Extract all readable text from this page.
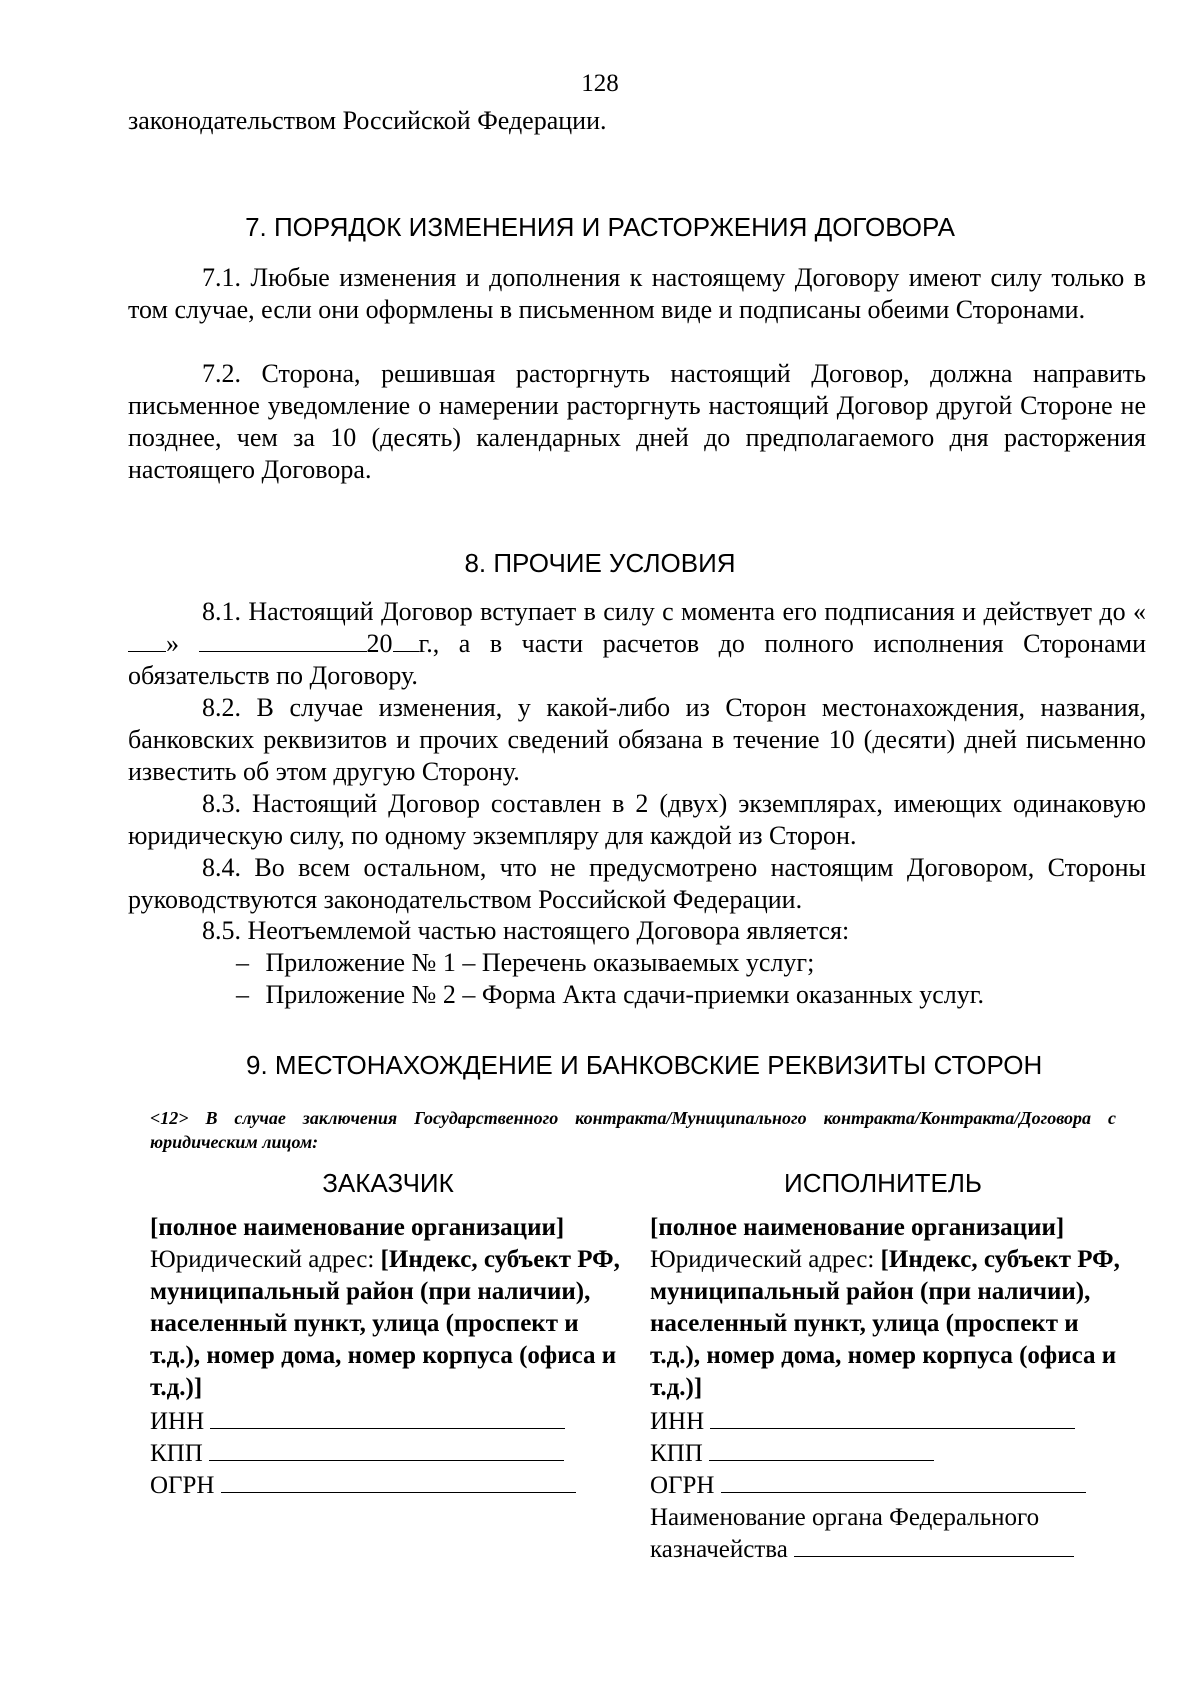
128
законодательством Российской Федерации.
7. ПОРЯДОК ИЗМЕНЕНИЯ И РАСТОРЖЕНИЯ ДОГОВОРА
7.1. Любые изменения и дополнения к настоящему Договору имеют силу только в том случае, если они оформлены в письменном виде и подписаны обеими Сторонами.
7.2. Сторона, решившая расторгнуть настоящий Договор, должна направить письменное уведомление о намерении расторгнуть настоящий Договор другой Стороне не позднее, чем за 10 (десять) календарных дней до предполагаемого дня расторжения настоящего Договора.
8. ПРОЧИЕ УСЛОВИЯ
8.1. Настоящий Договор вступает в силу с момента его подписания и действует до «»	20 г., а в части расчетов до полного исполнения Сторонами обязательств по Договору.
8.2. В случае изменения, у какой-либо из Сторон местонахождения, названия, банковских реквизитов и прочих сведений обязана в течение 10 (десяти) дней письменно известить об этом другую Сторону.
8.3. Настоящий Договор составлен в 2 (двух) экземплярах, имеющих одинаковую юридическую силу, по одному экземпляру для каждой из Сторон.
8.4. Во всем остальном, что не предусмотрено настоящим Договором, Стороны руководствуются законодательством Российской Федерации.
8.5. Неотъемлемой частью настоящего Договора является:
– Приложение № 1 – Перечень оказываемых услуг;
– Приложение № 2 – Форма Акта сдачи-приемки оказанных услуг.
9. МЕСТОНАХОЖДЕНИЕ И БАНКОВСКИЕ РЕКВИЗИТЫ СТОРОН
<12> В случае заключения Государственного контракта/Муниципального контракта/Контракта/Договора с юридическим лицом:
ЗАКАЗЧИК
[полное наименование организации]
Юридический адрес: [Индекс, субъект РФ, муниципальный район (при наличии), населенный пункт, улица (проспект и т.д.), номер дома, номер корпуса (офиса и т.д.)]
ИНН
КПП
ОГРН
ИСПОЛНИТЕЛЬ
[полное наименование организации]
Юридический адрес: [Индекс, субъект РФ, муниципальный район (при наличии), населенный пункт, улица (проспект и т.д.), номер дома, номер корпуса (офиса и т.д.)]
ИНН
КПП
ОГРН
Наименование органа Федерального
казначейства
